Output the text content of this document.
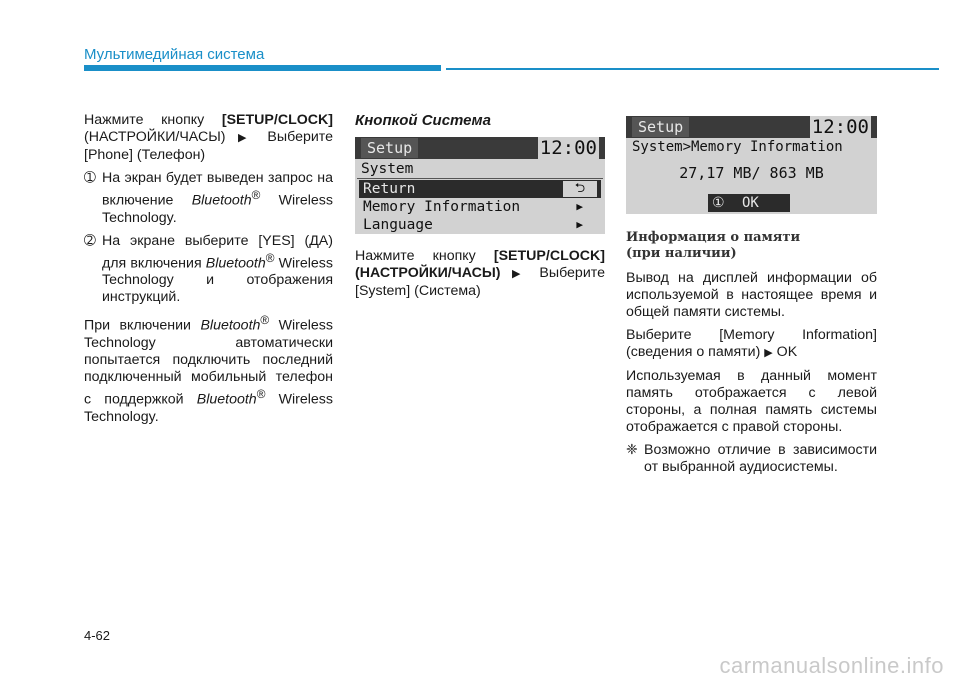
Мультимедийная система

Нажмите кнопку [SETUP/CLOCK] (НАСТРОЙКИ/ЧАСЫ) ▶ Выберите [Phone] (Телефон)

➀ На экран будет выведен запрос на включение Bluetooth® Wireless Technology.
➁ На экране выберите [YES] (ДА) для включения Bluetooth® Wireless Technology и отображения инструкций.

При включении Bluetooth® Wireless Technology автоматически попытается подключить последний подключенный мобильный телефон с поддержкой Bluetooth® Wireless Technology.

Кнопкой Система
Setup	12:00
System
Return	⮌
Memory Information	▶
Language	▶

Нажмите кнопку [SETUP/CLOCK] (НАСТРОЙКИ/ЧАСЫ) ▶ Выберите [System] (Система)

Setup	12:00
System>Memory Information
27,17 MB/ 863 MB
① OK
Информация о памяти
(при наличии)

Вывод на дисплей информации об используемой в настоящее время и общей памяти системы.

Выберите [Memory Information] (сведения о памяти) ▶ OK

Используемая в данный момент память отображается с левой стороны, а полная память системы отображается с правой стороны.

❈ Возможно отличие в зависимости от выбранной аудиосистемы.
4-62
carmanualsonline.info
